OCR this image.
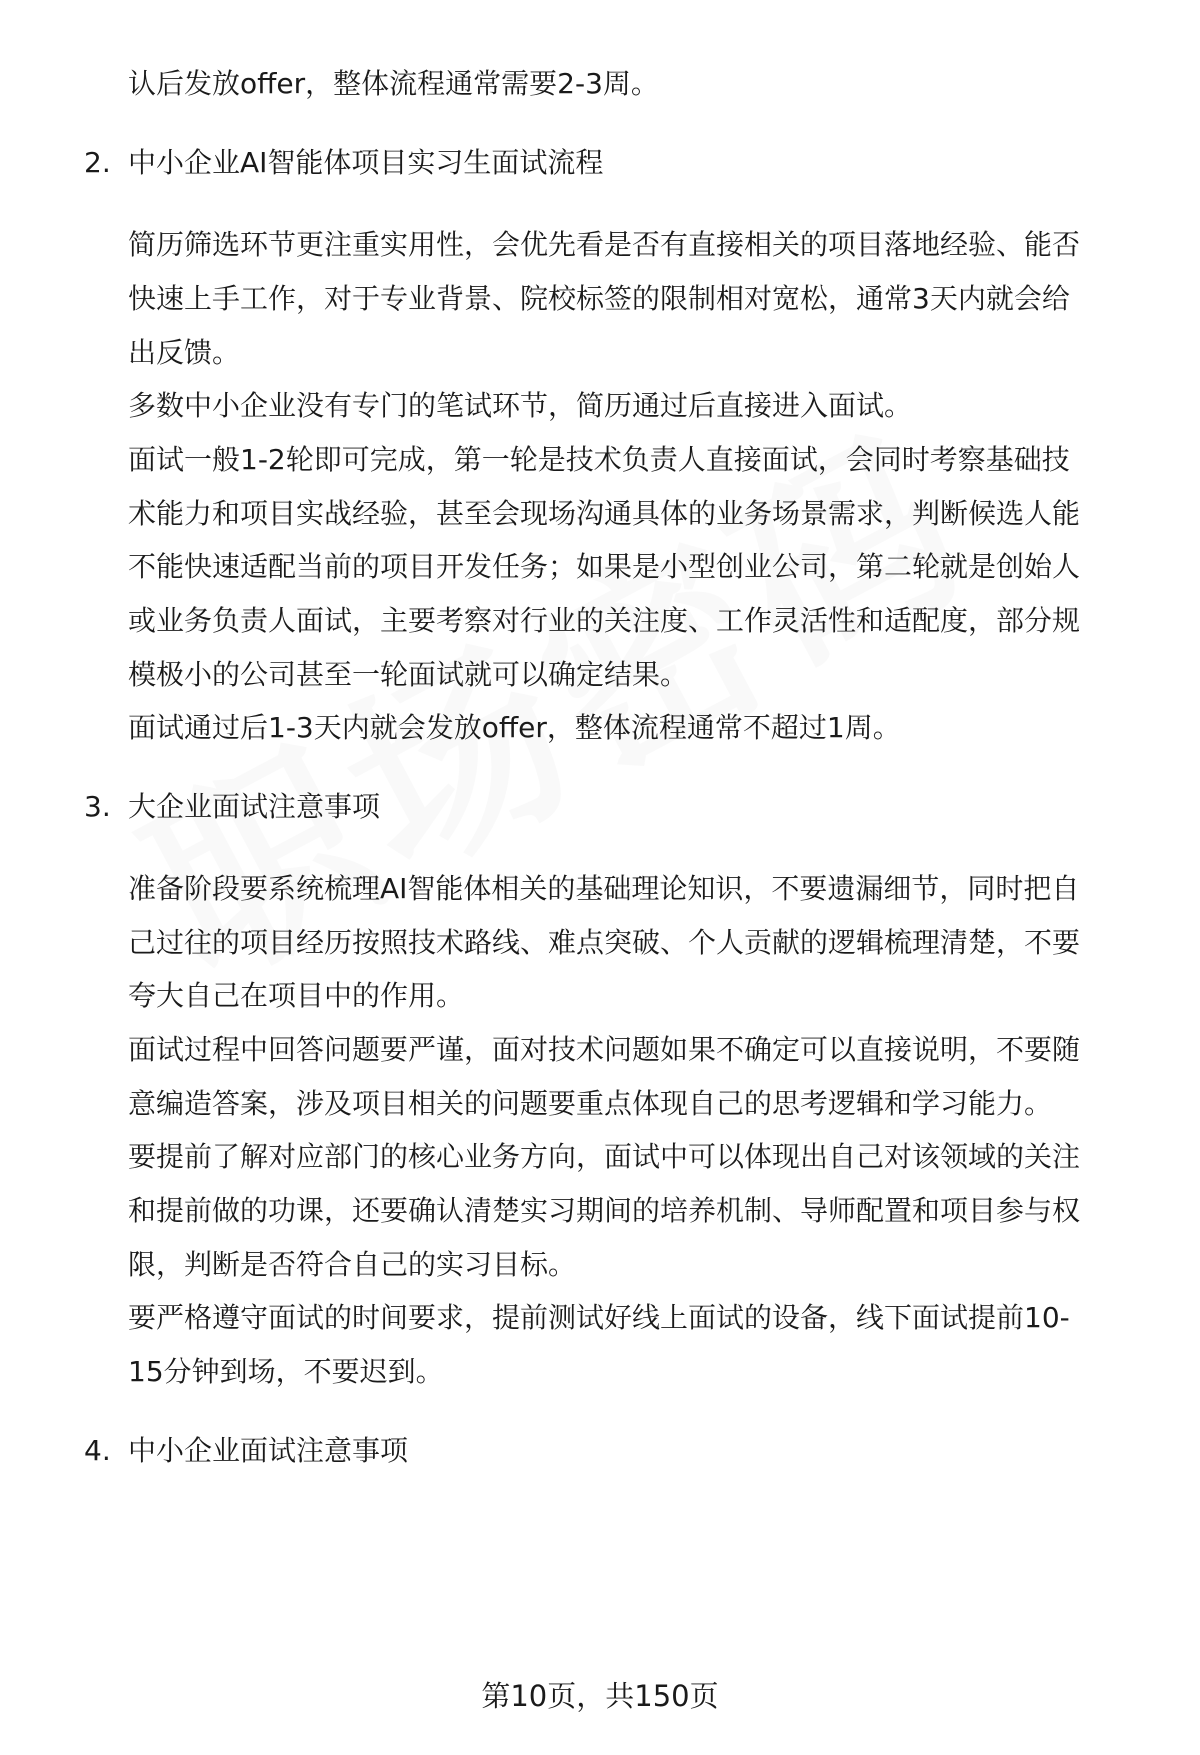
认后发放offer，整体流程通常需要2-3周。
2. 中小企业AI智能体项目实习生面试流程
简历筛选环节更注重实用性，会优先看是否有直接相关的项目落地经验、能否
快速上手工作，对于专业背景、院校标签的限制相对宽松，通常3天内就会给
出反馈。
多数中小企业没有专门的笔试环节，简历通过后直接进入面试。
面试一般1-2轮即可完成，第一轮是技术负责人直接面试，会同时考察基础技
术能力和项目实战经验，甚至会现场沟通具体的业务场景需求，判断候选人能
不能快速适配当前的项目开发任务；如果是小型创业公司，第二轮就是创始人
或业务负责人面试，主要考察对行业的关注度、工作灵活性和适配度，部分规
模极小的公司甚至一轮面试就可以确定结果。
面试通过后1-3天内就会发放offer，整体流程通常不超过1周。
3. 大企业面试注意事项
准备阶段要系统梳理AI智能体相关的基础理论知识，不要遗漏细节，同时把自
己过往的项目经历按照技术路线、难点突破、个人贡献的逻辑梳理清楚，不要
夸大自己在项目中的作用。
面试过程中回答问题要严谨，面对技术问题如果不确定可以直接说明，不要随
意编造答案，涉及项目相关的问题要重点体现自己的思考逻辑和学习能力。
要提前了解对应部门的核心业务方向，面试中可以体现出自己对该领域的关注
和提前做的功课，还要确认清楚实习期间的培养机制、导师配置和项目参与权
限，判断是否符合自己的实习目标。
要严格遵守面试的时间要求，提前测试好线上面试的设备，线下面试提前10-
15分钟到场，不要迟到。
4. 中小企业面试注意事项
第10页，共150页
